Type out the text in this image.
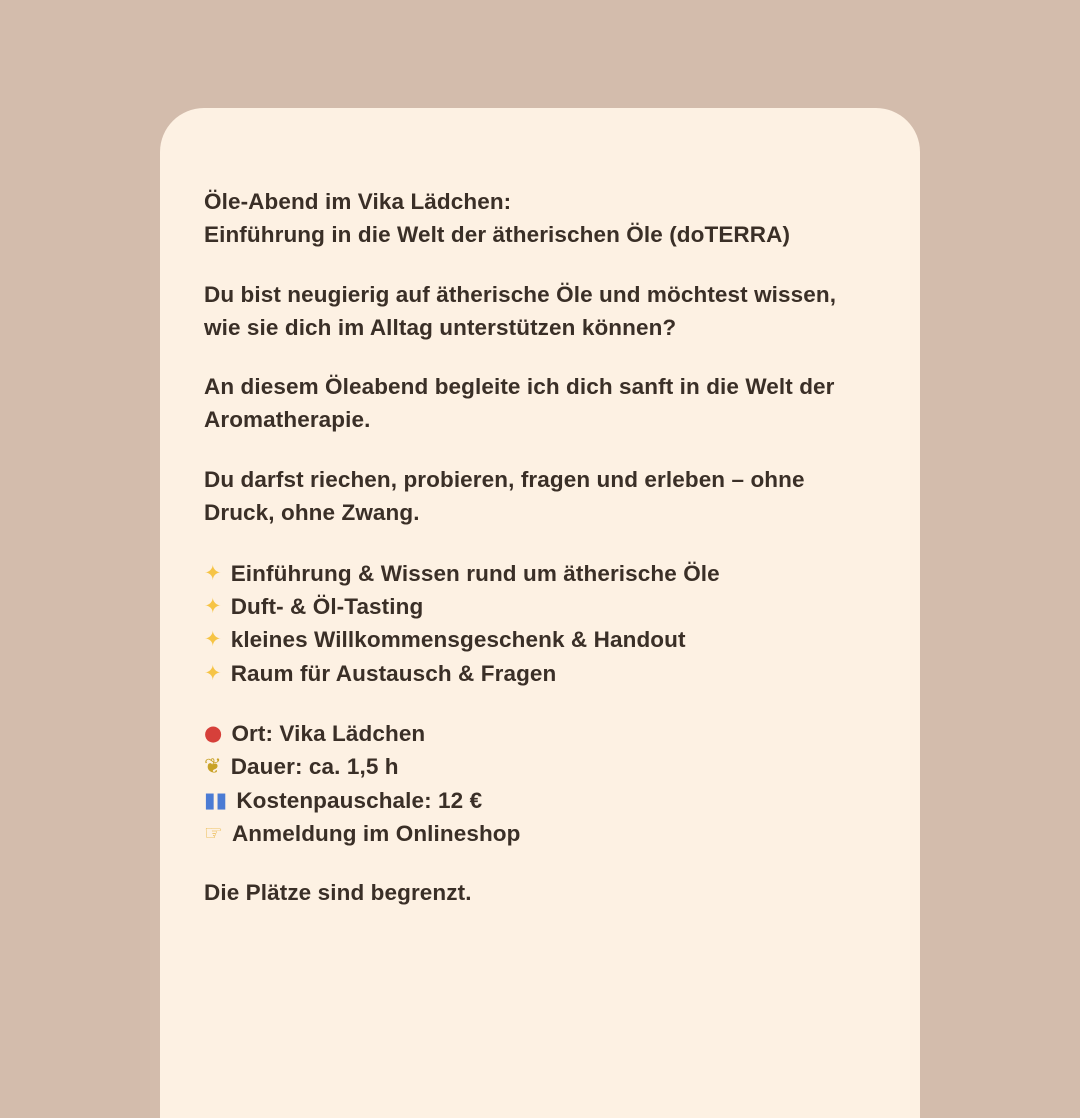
Öle-Abend im Vika Lädchen:
Einführung in die Welt der ätherischen Öle (doTERRA)
Du bist neugierig auf ätherische Öle und möchtest wissen,
wie sie dich im Alltag unterstützen können?
An diesem Öleabend begleite ich dich sanft in die Welt der
Aromatherapie.
Du darfst riechen, probieren, fragen und erleben – ohne
Druck, ohne Zwang.
✦ Einführung & Wissen rund um ätherische Öle
✦ Duft- & Öl-Tasting
✦ kleines Willkommensgeschenk & Handout
✦ Raum für Austausch & Fragen
● Ort: Vika Lädchen
❦ Dauer: ca. 1,5 h
▮▮ Kostenpauschale: 12 €
☞ Anmeldung im Onlineshop
Die Plätze sind begrenzt.
